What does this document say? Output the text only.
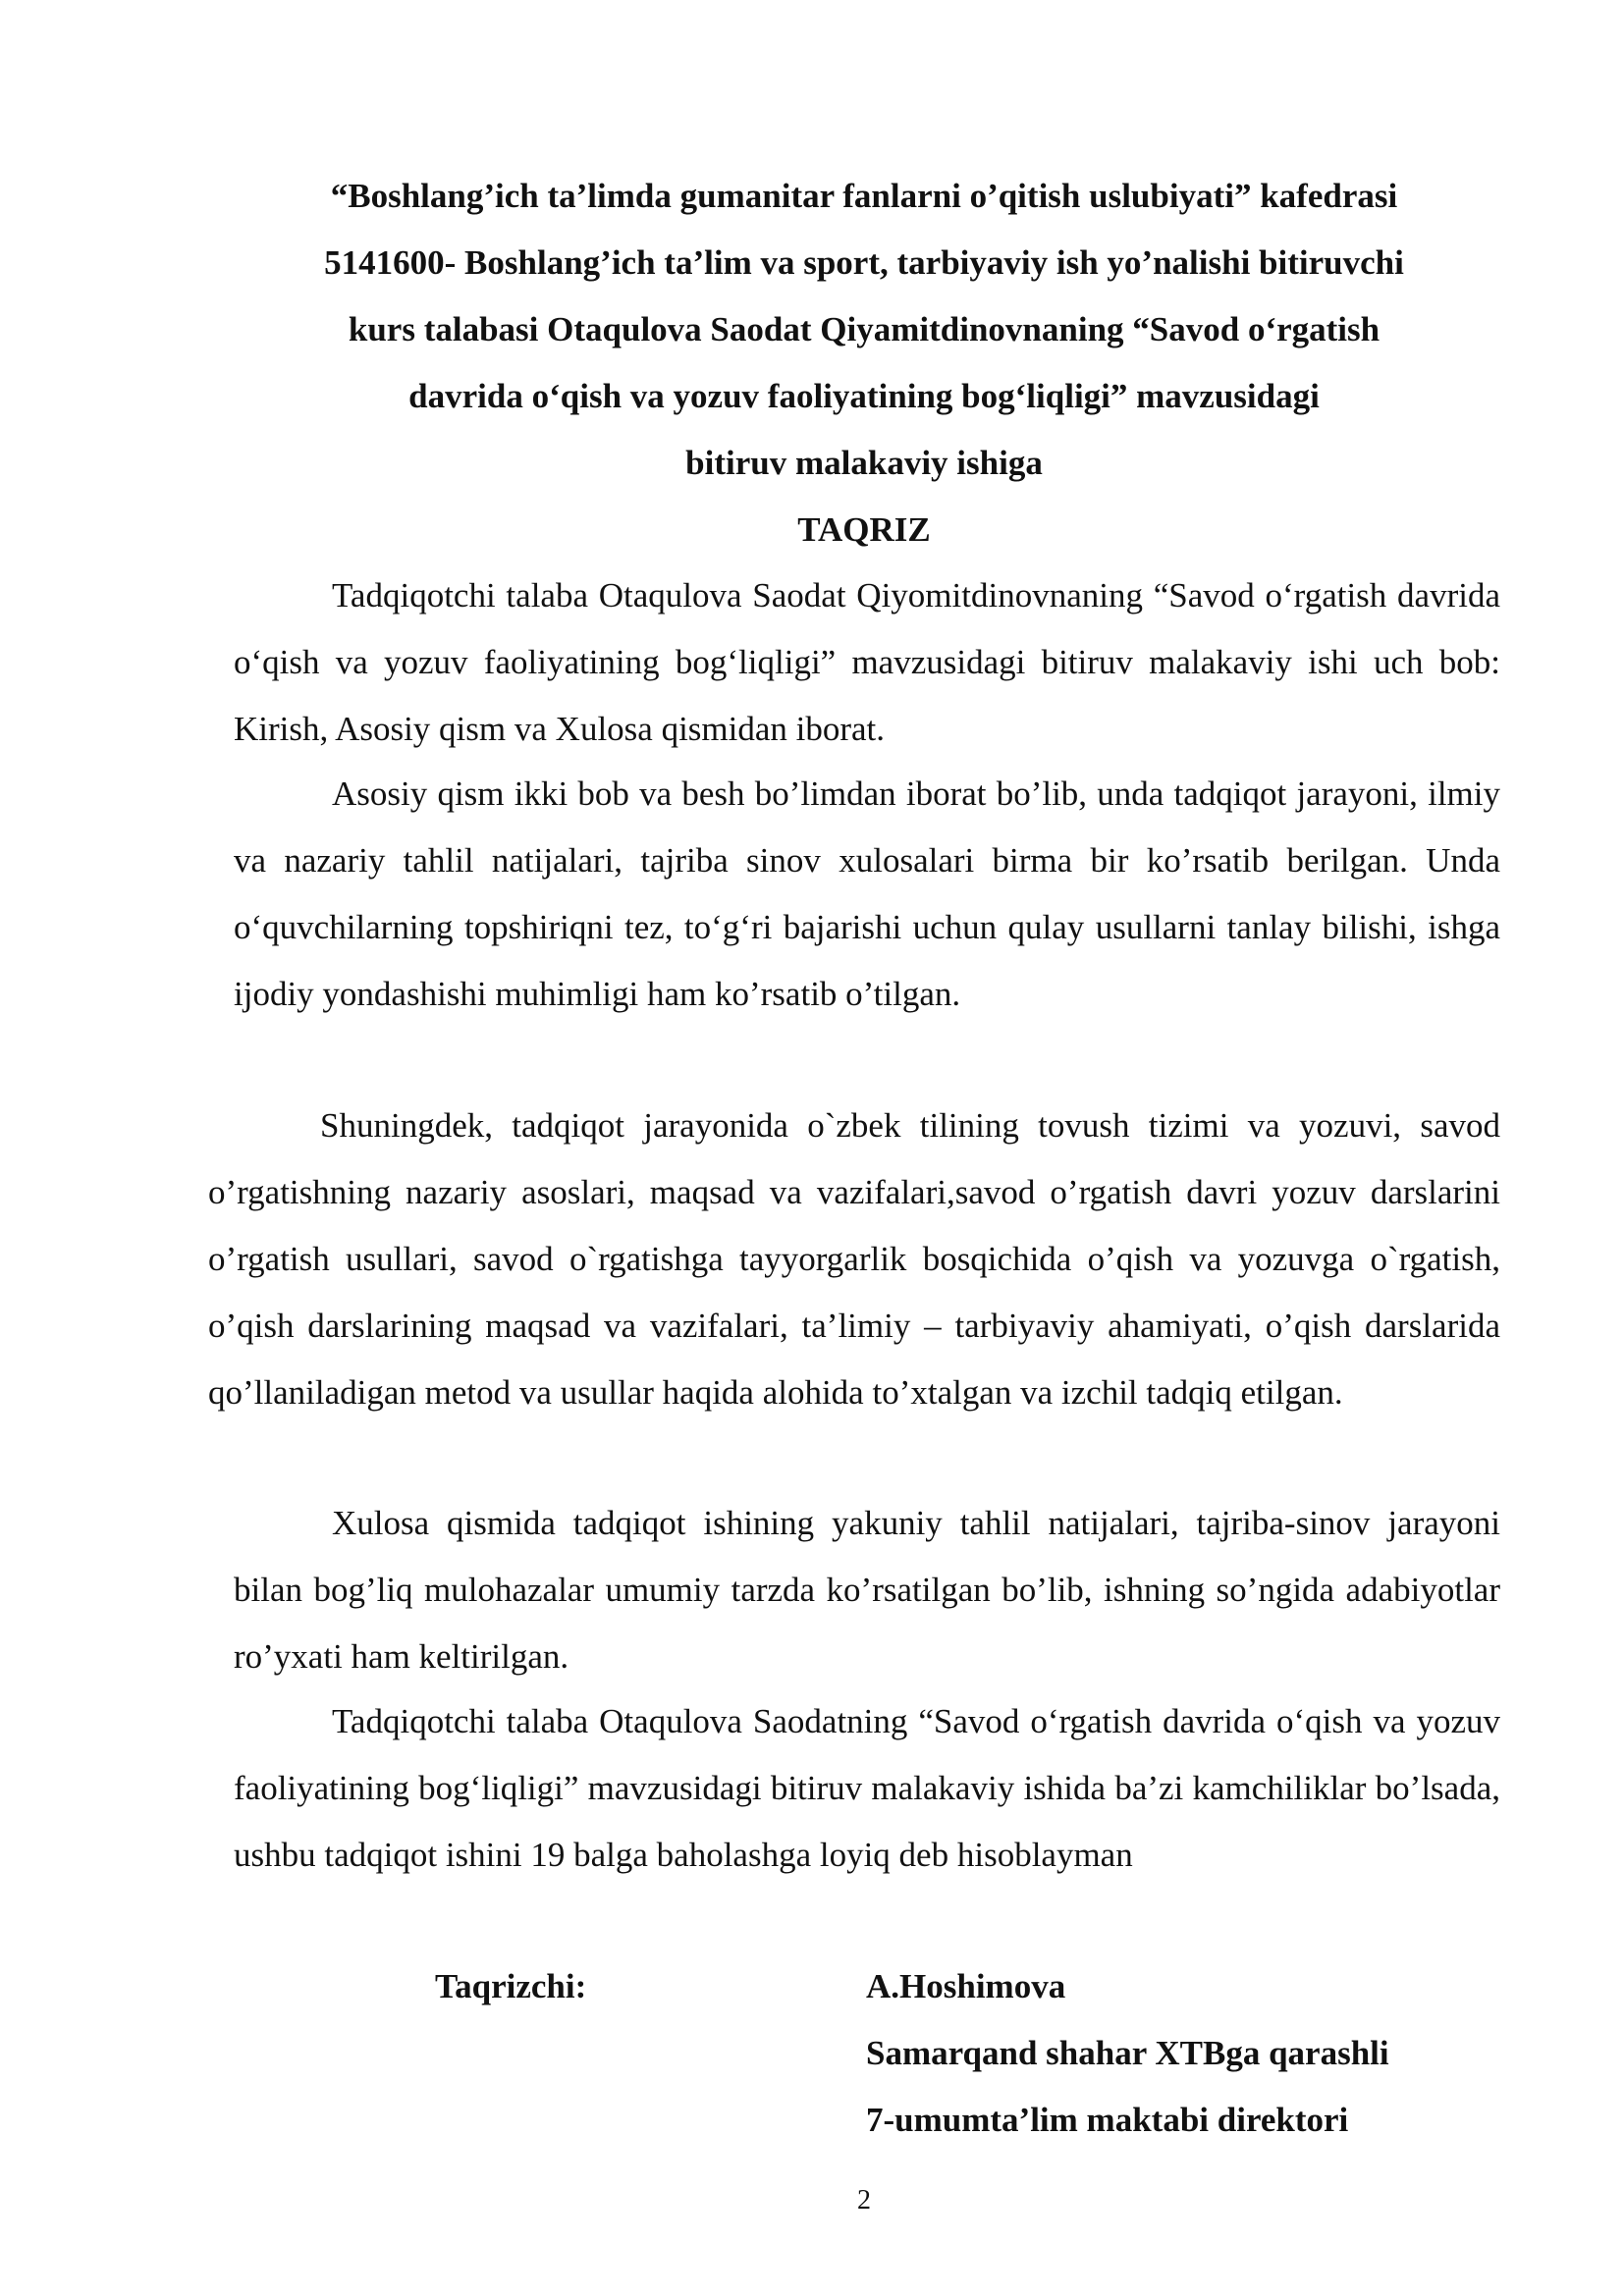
“Boshlang’ich ta’limda gumanitar fanlarni o’qitish uslubiyati” kafedrasi
5141600- Boshlang’ich ta’lim va sport, tarbiyaviy ish yo’nalishi bitiruvchi
kurs talabasi Otaqulova Saodat Qiyamitdinovnaning “Savod o‘rgatish
davrida o‘qish va yozuv faoliyatining bog‘liqligi” mavzusidagi
bitiruv malakaviy ishiga
TAQRIZ
Tadqiqotchi talaba Otaqulova Saodat Qiyomitdinovnaning “Savod o‘rgatish davrida o‘qish va yozuv faoliyatining bog‘liqligi” mavzusidagi bitiruv malakaviy ishi uch bob: Kirish, Asosiy qism va Xulosa qismidan iborat.
Asosiy qism ikki bob va besh bo’limdan iborat bo’lib, unda tadqiqot jarayoni, ilmiy va nazariy tahlil natijalari, tajriba sinov xulosalari birma bir ko’rsatib berilgan. Unda o‘quvchilarning topshiriqni tez, to‘g‘ri bajarishi uchun qulay usullarni tanlay bilishi, ishga ijodiy yondashishi muhimligi ham ko’rsatib o’tilgan.
Shuningdek, tadqiqot jarayonida o`zbek tilining tovush tizimi va yozuvi, savod o’rgatishning nazariy asoslari, maqsad va vazifalari,savod o’rgatish davri yozuv darslarini o’rgatish usullari, savod o`rgatishga tayyorgarlik bosqichida o’qish va yozuvga o`rgatish, o’qish darslarining maqsad va vazifalari, ta’limiy – tarbiyaviy ahamiyati, o’qish darslarida qo’llaniladigan metod va usullar haqida alohida to’xtalgan va izchil tadqiq etilgan.
Xulosa qismida tadqiqot ishining yakuniy tahlil natijalari, tajriba-sinov jarayoni bilan bog’liq mulohazalar umumiy tarzda ko’rsatilgan bo’lib, ishning so’ngida adabiyotlar ro’yxati ham keltirilgan.
Tadqiqotchi talaba Otaqulova Saodatning “Savod o‘rgatish davrida o‘qish va yozuv faoliyatining bog‘liqligi” mavzusidagi bitiruv malakaviy ishida ba’zi kamchiliklar bo’lsada, ushbu tadqiqot ishini 19 balga baholashga loyiq deb hisoblayman
Taqrizchi:	A.Hoshimova
Samarqand shahar XTBga qarashli
7-umumta’lim maktabi direktori
2
